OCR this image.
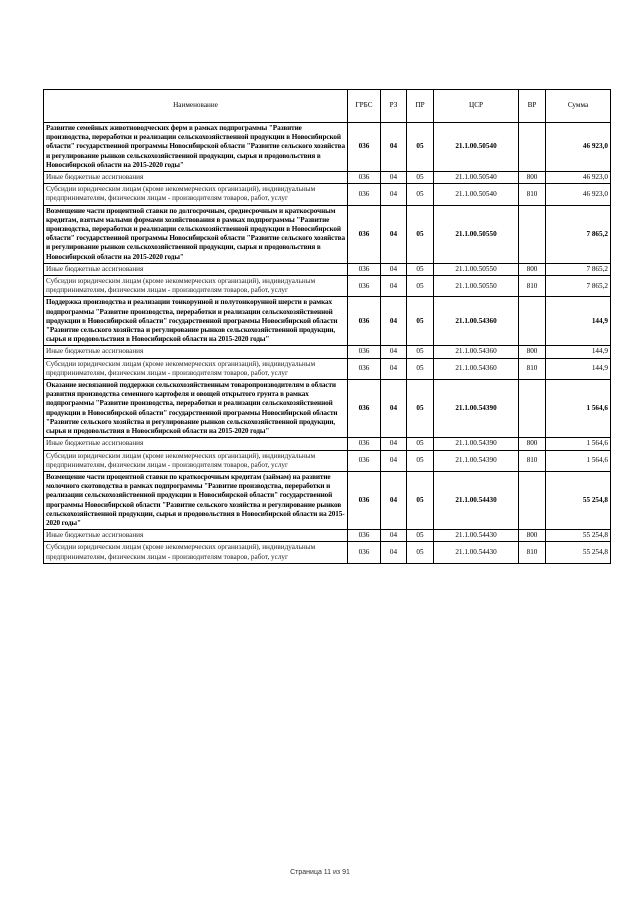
Наименование	ГРБС	РЗ	ПР	ЦСР	ВР	Сумма
Развитие семейных животноводческих ферм в рамках подпрограммы "Развитие производства, переработки и реализации сельскохозяйственной продукции в Новосибирской области" государственной программы Новосибирской области "Развитие сельского хозяйства и регулирование рынков сельскохозяйственной продукции, сырья и продовольствия в Новосибирской области на 2015-2020 годы"	036	04	05	21.1.00.50540		46 923,0
Иные бюджетные ассигнования	036	04	05	21.1.00.50540	800	46 923,0
Субсидии юридическим лицам (кроме некоммерческих организаций), индивидуальным предпринимателям, физическим лицам - производителям товаров, работ, услуг	036	04	05	21.1.00.50540	810	46 923,0
Возмещение части процентной ставки по долгосрочным, среднесрочным и краткосрочным кредитам, взятым малыми формами хозяйствования в рамках подпрограммы "Развитие производства, переработки и реализации сельскохозяйственной продукции в Новосибирской области" государственной программы Новосибирской области "Развитие сельского хозяйства и регулирование рынков сельскохозяйственной продукции, сырья и продовольствия в Новосибирской области на 2015-2020 годы"	036	04	05	21.1.00.50550		7 865,2
Иные бюджетные ассигнования	036	04	05	21.1.00.50550	800	7 865,2
Субсидии юридическим лицам (кроме некоммерческих организаций), индивидуальным предпринимателям, физическим лицам - производителям товаров, работ, услуг	036	04	05	21.1.00.50550	810	7 865,2
Поддержка производства и реализации тонкорунной и полутонкорунной шерсти в рамках подпрограммы "Развитие производства, переработки и реализации сельскохозяйственной продукции в Новосибирской области" государственной программы Новосибирской области "Развитие сельского хозяйства и регулирование рынков сельскохозяйственной продукции, сырья и продовольствия в Новосибирской области на 2015-2020 годы"	036	04	05	21.1.00.54360		144,9
Иные бюджетные ассигнования	036	04	05	21.1.00.54360	800	144,9
Субсидии юридическим лицам (кроме некоммерческих организаций), индивидуальным предпринимателям, физическим лицам - производителям товаров, работ, услуг	036	04	05	21.1.00.54360	810	144,9
Оказание несвязанной поддержки сельскохозяйственным товаропроизводителям в области развития производства семенного картофеля и овощей открытого грунта в рамках подпрограммы "Развитие производства, переработки и реализации сельскохозяйственной продукции в Новосибирской области" государственной программы Новосибирской области "Развитие сельского хозяйства и регулирование рынков сельскохозяйственной продукции, сырья и продовольствия в Новосибирской области на 2015-2020 годы"	036	04	05	21.1.00.54390		1 564,6
Иные бюджетные ассигнования	036	04	05	21.1.00.54390	800	1 564,6
Субсидии юридическим лицам (кроме некоммерческих организаций), индивидуальным предпринимателям, физическим лицам - производителям товаров, работ, услуг	036	04	05	21.1.00.54390	810	1 564,6
Возмещение части процентной ставки по краткосрочным кредитам (займам) на развитие молочного скотоводства в рамках подпрограммы "Развитие производства, переработки и реализации сельскохозяйственной продукции в Новосибирской области" государственной программы Новосибирской области "Развитие сельского хозяйства и регулирование рынков сельскохозяйственной продукции, сырья и продовольствия в Новосибирской области на 2015-2020 годы"	036	04	05	21.1.00.54430		55 254,8
Иные бюджетные ассигнования	036	04	05	21.1.00.54430	800	55 254,8
Субсидии юридическим лицам (кроме некоммерческих организаций), индивидуальным предпринимателям, физическим лицам - производителям товаров, работ, услуг	036	04	05	21.1.00.54430	810	55 254,8
Страница 11 из 91
